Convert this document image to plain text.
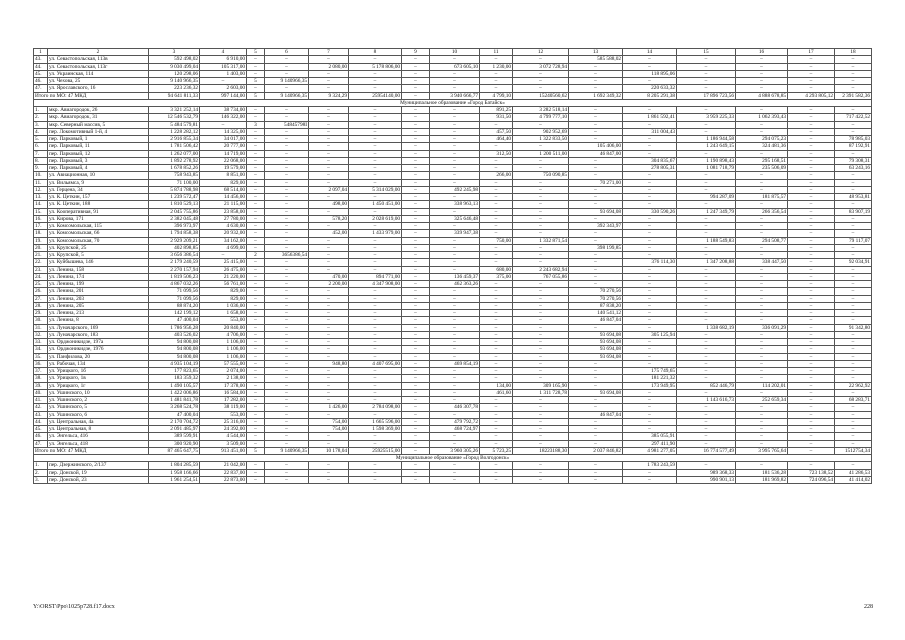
1	2	3	4	5	6	7	8	9	10	11	12	13	14	15	16	17	18
43.	ул. Севастопольская, 113в	592 498,02	6 910,00	–	–	–	–	–	–	–	–	585 588,02	–	–	–	–	–
44.	ул. Севастопольская, 113г	9 030 499,04	105 317,00	–	–	2 080,00	5 178 806,00	–	673 605,10	1 230,00	3 072 728,94	–	–	–	–	–	–
45.	ул. Украинская, 114	120 298,06	1 403,00	–	–	–	–	–	–	–	–	–	118 895,06	–	–	–	–
46.	ул. Чехова, 25	9 140 966,35	–	5	9 140966,35	–	–	–	–	–	–	–	–	–	–	–	–
47.	ул. Ярославского, 16	223 236,32	2 603,00	–	–	–	–	–	–	–	–	–	220 633,32	–	–	–	–
Итого по МО: 47 МКД		94 641 811,33	997 144,00	5	9 140966,35	9 324,29	25954140,00	–	3 940 666,77	4 799,10	15240560,62	1 692 349,32	8 205 291,38	17 896 723,56	4 888 678,85	4 293 805,12	2 391 582,36
Муниципальное образование «Город Батайск»																	
1.	мкр. Авиагородок, 26	3 321 252,14	38 734,00	–	–	–	–	–	–	891,25	3 282 518,14	–	–	–	–	–	–
2.	мкр. Авиагородок, 31	12 546 532,79	146 322,00	–	–	–	–	–	–	931,50	4 799 777,10	–	1 861 592,41	3 959 225,33	1 062 393,43	–	717 422,52
3.	мкр. Северный массив, 5	5 484 579,81	–	3	54845798I	–	–	–	–	–	–	–	–	–	–	–	–
4.	пер. Локомотивный 1-й, 4	1 228 282,12	14 325,00	–	–	–	–	–	–	457,50	902 952,69	–	311 004,43	–	–	–	–
5.	пер. Парковый, 1	2 916 855,34	34 017,00	–	–	–	–	–	–	464,40	1 322 833,50	–	–	1 186 944,58	294 075,23	–	78 985,03
6.	пер. Парковый, 11	1 781 506,42	20 777,00	–	–	–	–	–	–	–	–	105 406,00	–	1 243 649,15	324 481,36	–	87 192,91
7.	пер. Парковый, 12	1 262 077,00	14 719,00	–	–	–	–	–	–	312,50	1 200 511,00	46 847,00	–	–	–	–	–
8.	пер. Парковый, 3	1 892 278,92	22 068,00	–	–	–	–	–	–	–	–	–	304 835,67	1 190 898,43	295 168,51	–	79 308,31
9.	пер. Парковый, 4	1 678 852,26	19 579,00	–	–	–	–	–	–	–	–	–	278 805,31	1 081 718,79	235 506,09	–	63 243,16
10.	ул. Авиационная, 10	758 943,85	8 851,00	–	–	–	–	–	–	266,00	750 090,85	–	–	–	–	–	–
11.	ул. Вильямса, 9	71 100,00	829,00	–	–	–	–	–	–	–	–	70 271,00	–	–	–	–	–
12.	ул. Герцена, 34	5 874 788,98	68 514,00	–	–	2 097,04	5 314 029,00	–	492 245,98	–	–	–	–	–	–	–	–
13.	ул. К. Цеткин, 157	1 239 572,47	14 456,00	–	–	–	–	–	–	–	–	–	–	994 287,09	181 875,57	–	48 953,81
14.	ул. К. Цеткин, 188	1 810 529,13	21 115,00	–	–	498,00	1 450 451,00	–	338 963,13	–	–	–	–	–	–	–	–
15.	ул. Кооперативная, 91	2 045 755,86	23 858,00	–	–	–	–	–	–	–	–	93 694,08	330 590,26	1 247 349,79	266 356,54	–	83 907,19
16.	ул. Кирова, 171	2 382 045,48	27 780,00	–	–	578,20	2 028 619,00	–	325 646,48	–	–	–	–	–	–	–	–
17.	ул. Комсомольская, 115	396 973,97	4 630,00	–	–	–	–	–	–	–	–	392 343,97	–	–	–	–	–
18.	ул. Комсомольская, 66	1 794 858,38	20 932,00	–	–	452,00	1 433 979,00	–	339 947,38	–	–	–	–	–	–	–	–
19.	ул. Комсомольская, 70	2 929 209,21	34 162,00	–	–	–	–	–	–	750,00	1 332 871,54	–	–	1 188 549,83	294 508,77	–	79 117,07
20.	ул. Крупской, 25	402 898,85	4 699,00	–	–	–	–	–	–	–	–	398 199,85	–	–	–	–	–
21.	ул. Крупской, 5	3 656 386,54	–	2	3656386,54	–	–	–	–	–	–	–	–	–	–	–	–
22.	ул. Куйбышева, 146	2 179 240,59	25 415,00	–	–	–	–	–	–	–	–	–	376 114,30	1 347 208,88	338 447,50	–	92 034,91
23.	ул. Ленина, 158	2 270 157,94	26 475,00	–	–	–	–	–	–	680,00	2 243 682,94	–	–	–	–	–	–
24.	ул. Ленина, 174	1 819 506,23	21 220,00	–	–	470,00	894 771,00	–	136 459,37	375,00	767 055,86	–	–	–	–	–	–
25.	ул. Ленина, 199	4 867 032,26	56 761,00	–	–	2 200,00	4 347 908,00	–	462 363,26	–	–	–	–	–	–	–	–
26.	ул. Ленина, 201	71 099,56	829,00	–	–	–	–	–	–	–	–	70 270,56	–	–	–	–	–
27.	ул. Ленина, 203	71 099,56	829,00	–	–	–	–	–	–	–	–	70 270,56	–	–	–	–	–
28.	ул. Ленина, 205	88 874,20	1 036,00	–	–	–	–	–	–	–	–	87 838,20	–	–	–	–	–
29.	ул. Ленина, 213	142 199,12	1 658,00	–	–	–	–	–	–	–	–	140 541,12	–	–	–	–	–
30.	ул. Ленина, 8	47 400,04	553,00	–	–	–	–	–	–	–	–	46 847,04	–	–	–	–	–
31.	ул. Луначарского, 169	1 786 956,28	20 840,00	–	–	–	–	–	–	–	–	–	–	1 338 682,19	336 091,29	–	91 342,80
32.	ул. Луначарского, 183	403 526,02	4 706,00	–	–	–	–	–	–	–	–	93 694,08	305 125,94	–	–	–	–
33.	ул. Орджоникидзе, 197а	94 800,08	1 106,00	–	–	–	–	–	–	–	–	93 694,08	–	–	–	–	–
34.	ул. Орджоникидзе, 1976	94 800,08	1 106,00	–	–	–	–	–	–	–	–	93 694,08	–	–	–	–	–
35.	ул. Панфилова, 20	94 800,08	1 106,00	–	–	–	–	–	–	–	–	93 694,08	–	–	–	–	–
36.	ул. Рабочая, 134	4 935 104,19	57 555,00	–	–	948,80	4 407 695,00	–	469 854,19	–	–	–	–	–	–	–	–
37.	ул. Урицкого, 1б	177 823,65	2 074,00	–	–	–	–	–	–	–	–	–	175 749,65	–	–	–	–
38.	ул. Урицкого, 1в	183 359,32	2 138,00	–	–	–	–	–	–	–	–	–	181 221,32	–	–	–	–
39.	ул. Урицкого, 1г	1 490 105,57	17 378,00	–	–	–	–	–	–	134,00	309 165,90	–	173 949,95	852 446,79	114 202,01	–	22 962,92
40.	ул. Ушинского, 10	1 422 006,86	16 584,00	–	–	–	–	–	–	461,60	1 311 728,78	93 694,08	–	–	–	–	–
41.	ул. Ушинского, 2	1 481 841,78	17 282,00	–	–	–	–	–	–	–	–	–	–	1 143 616,73	252 659,34	–	68 283,71
42.	ул. Ушинского, 5	3 268 524,78	38 119,00	–	–	1 426,00	2 784 098,00	–	446 307,78	–	–	–	–	–	–	–	–
43.	ул. Ушинского, 6	47 400,04	553,00	–	–	–	–	–	–	–	–	46 847,04	–	–	–	–	–
44.	ул. Центральная, 4а	2 170 704,72	25 316,00	–	–	754,00	1 665 596,00	–	479 792,72	–	–	–	–	–	–	–	–
45.	ул. Центральная, 8	2 091 485,97	24 392,00	–	–	754,00	1 598 369,00	–	468 724,97	–	–	–	–	–	–	–	–
46.	ул. Энгельса, 416	389 599,91	4 544,00	–	–	–	–	–	–	–	–	–	385 055,91	–	–	–	–
47.	ул. Энгельса, 418	300 920,90	3 509,00	–	–	–	–	–	–	–	–	–	297 411,90	–	–	–	–
Итого по МО: 47 МКД		87 465 647,75	913 451,00	5	9 140966,35	10 178,04	25925515,00	–	3 960 305,26	5 723,25	18223188,30	2 037 846,82	4 981 277,05	16 774 577,49	3 995 765,64	–	1512754,34
Муниципальное образование «Город Волгодонск»																	
1.	пер. Дзержинского, 2/137	1 804 285,59	21 042,00	–	–	–	–	–	–	–	–	–	1 783 243,59	–	–	–	–
2.	пер. Донской, 19	1 958 166,66	22 837,00	–	–	–	–	–	–	–	–	–	–	989 368,33	181 536,28	723 138,52	41 286,53
3.	пер. Донской, 23	1 961 254,51	22 873,00	–	–	–	–	–	–	–	–	–	–	990 901,13	181 969,82	724 096,54	41 414,02
Y:\ORST\Ppo\1025p728.f17.docx	228
